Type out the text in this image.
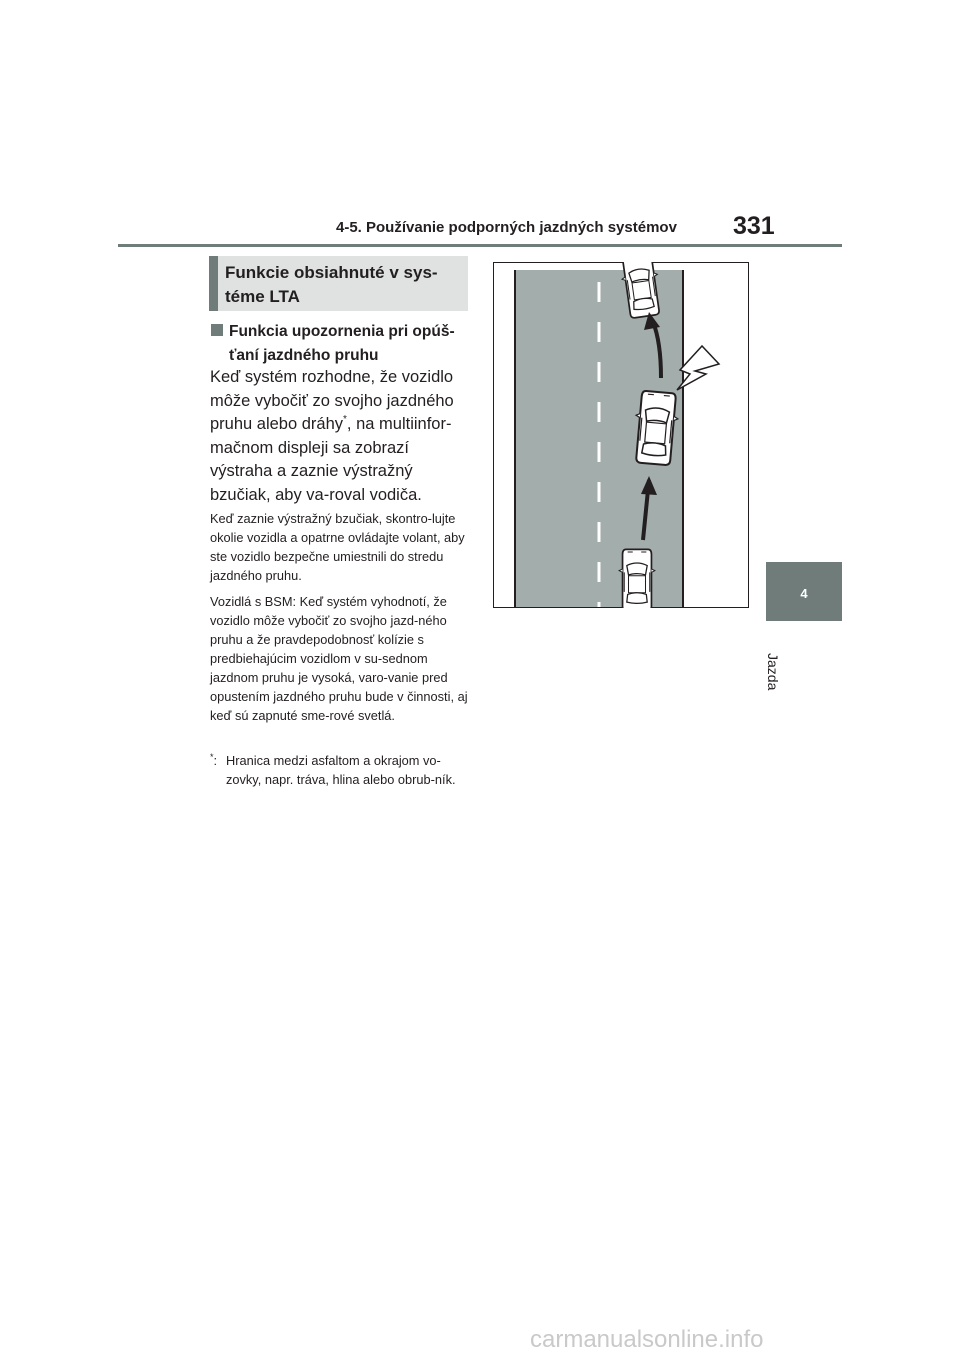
4-5. Používanie podporných jazdných systémov 331
4
Jazda
Funkcie obsiahnuté v sys-téme LTA
Funkcia upozornenia pri opúš-ťaní jazdného pruhu
Keď systém rozhodne, že vozidlo môže vybočiť zo svojho jazdného pruhu alebo dráhy*, na multiinfor-mačnom displeji sa zobrazí výstraha a zaznie výstražný bzučiak, aby va-roval vodiča.
Keď zaznie výstražný bzučiak, skontro-lujte okolie vozidla a opatrne ovládajte volant, aby ste vozidlo bezpečne umiestnili do stredu jazdného pruhu.
Vozidlá s BSM: Keď systém vyhodnotí, že vozidlo môže vybočiť zo svojho jazd-ného pruhu a že pravdepodobnosť kolízie s predbiehajúcim vozidlom v su-sednom jazdnom pruhu je vysoká, varo-vanie pred opustením jazdného pruhu bude v činnosti, aj keď sú zapnuté sme-rové svetlá.
*: Hranica medzi asfaltom a okrajom vo-zovky, napr. tráva, hlina alebo obrub-ník.
carmanualsonline.info
